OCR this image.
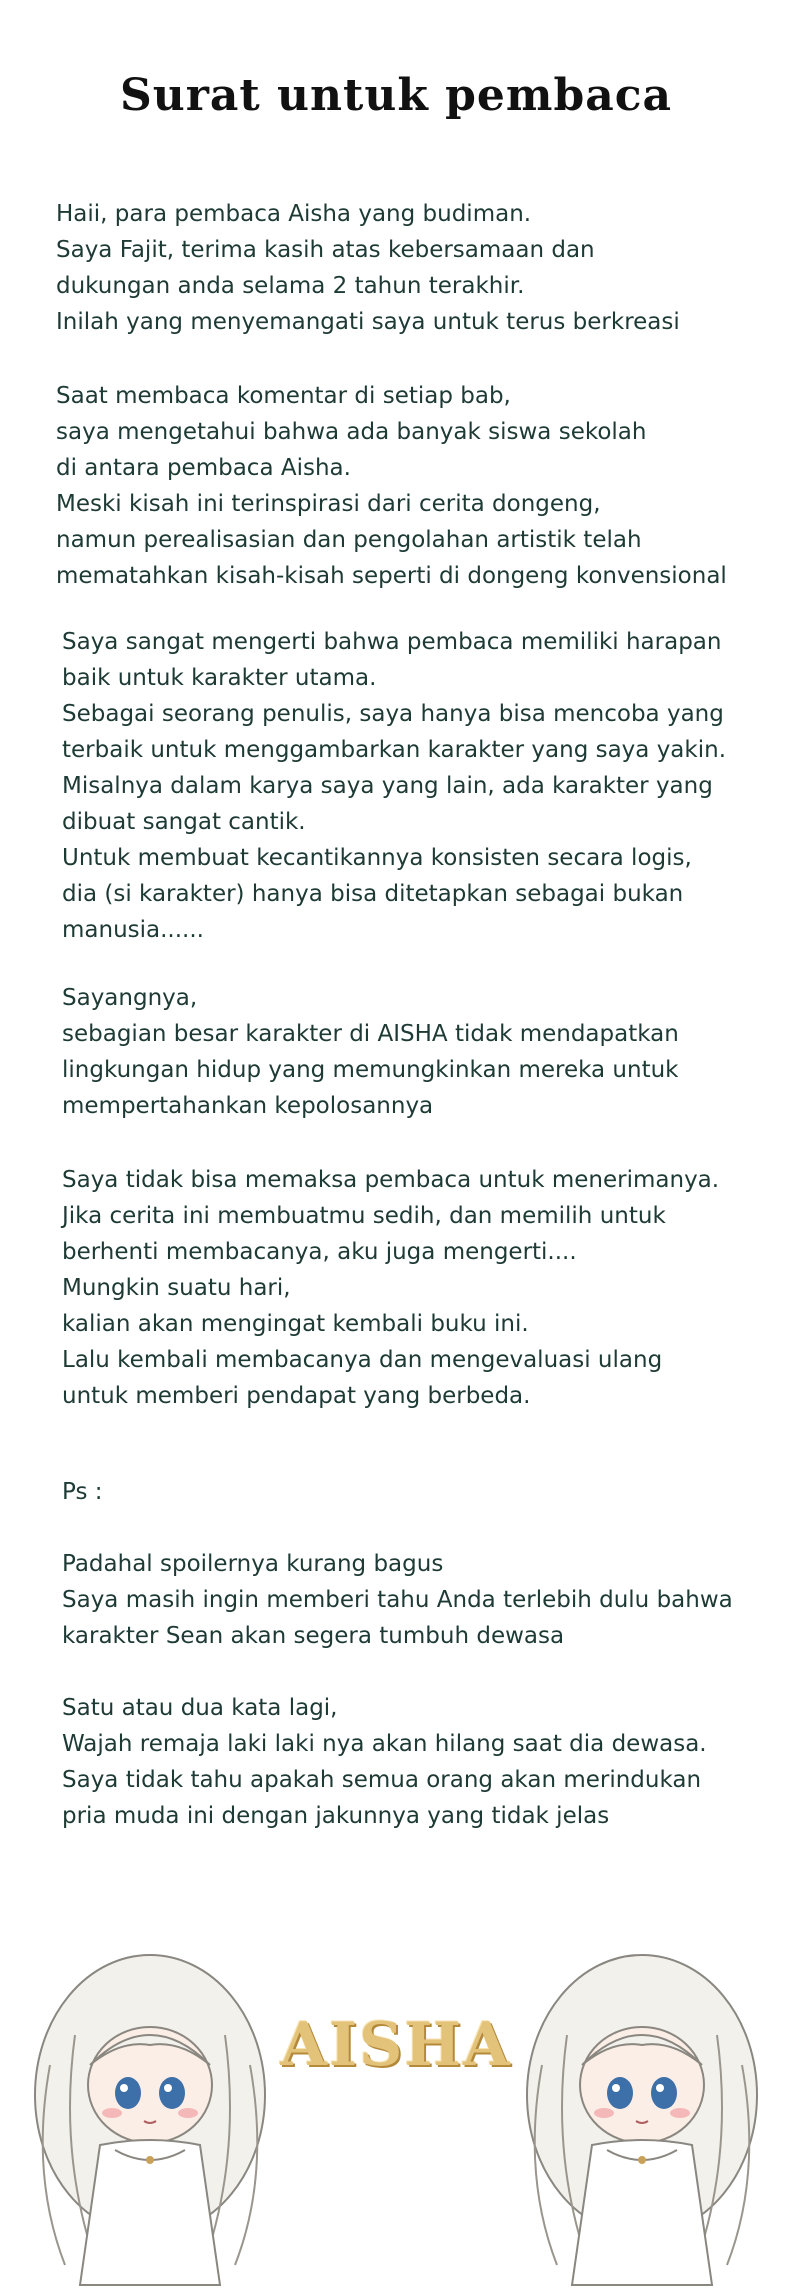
Surat untuk pembaca
Haii, para pembaca Aisha yang budiman.
Saya Fajit, terima kasih atas kebersamaan dan
dukungan anda selama 2 tahun terakhir.
Inilah yang menyemangati saya untuk terus berkreasi
Saat membaca komentar di setiap bab,
saya mengetahui bahwa ada banyak siswa sekolah
di antara pembaca Aisha.
Meski kisah ini terinspirasi dari cerita dongeng,
namun perealisasian dan pengolahan artistik telah
mematahkan kisah-kisah seperti di dongeng konvensional
Saya sangat mengerti bahwa pembaca memiliki harapan
baik untuk karakter utama.
Sebagai seorang penulis, saya hanya bisa mencoba yang
terbaik untuk menggambarkan karakter yang saya yakin.
Misalnya dalam karya saya yang lain, ada karakter yang
dibuat sangat cantik.
Untuk membuat kecantikannya konsisten secara logis,
dia (si karakter) hanya bisa ditetapkan sebagai bukan
manusia......
Sayangnya,
sebagian besar karakter di AISHA tidak mendapatkan
lingkungan hidup yang memungkinkan mereka untuk
mempertahankan kepolosannya
Saya tidak bisa memaksa pembaca untuk menerimanya.
Jika cerita ini membuatmu sedih, dan memilih untuk
berhenti membacanya, aku juga mengerti....
Mungkin suatu hari,
kalian akan mengingat kembali buku ini.
Lalu kembali membacanya dan mengevaluasi ulang
untuk memberi pendapat yang berbeda.
Ps :
Padahal spoilernya kurang bagus
Saya masih ingin memberi tahu Anda terlebih dulu bahwa
karakter Sean akan segera tumbuh dewasa
Satu atau dua kata lagi,
Wajah remaja laki laki nya akan hilang saat dia dewasa.
Saya tidak tahu apakah semua orang akan merindukan
pria muda ini dengan jakunnya yang tidak jelas
AISHA
